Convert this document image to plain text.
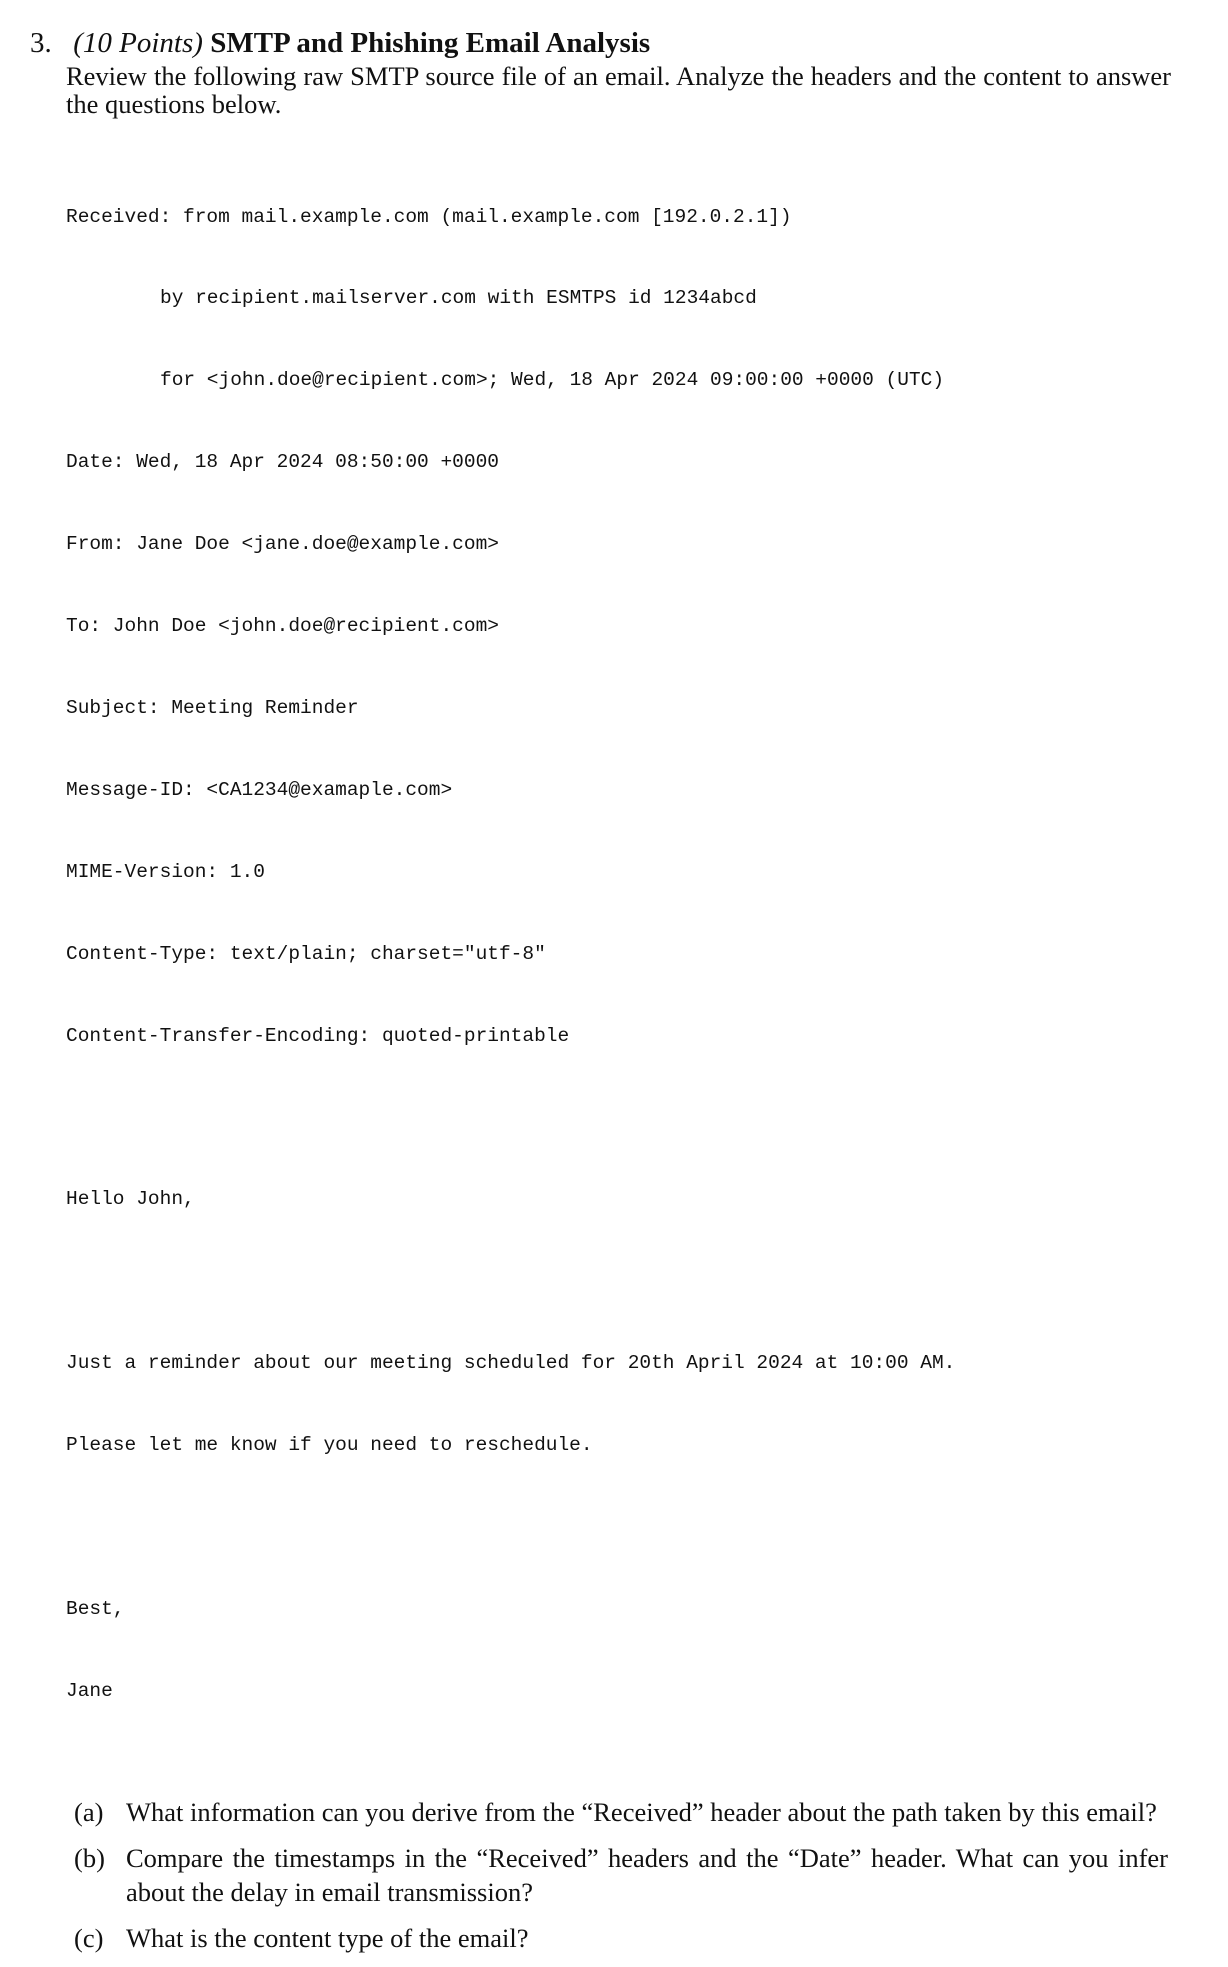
3. (10 Points) SMTP and Phishing Email Analysis
Review the following raw SMTP source file of an email. Analyze the headers and the content to answer the questions below.

Received: from mail.example.com (mail.example.com [192.0.2.1])

by recipient.mailserver.com with ESMTPS id 1234abcd

for <john.doe@recipient.com>; Wed, 18 Apr 2024 09:00:00 +0000 (UTC)

Date: Wed, 18 Apr 2024 08:50:00 +0000

From: Jane Doe <jane.doe@example.com>

To: John Doe <john.doe@recipient.com>

Subject: Meeting Reminder

Message-ID: <CA1234@examaple.com>

MIME-Version: 1.0

Content-Type: text/plain; charset="utf-8"

Content-Transfer-Encoding: quoted-printable

Hello John,

Just a reminder about our meeting scheduled for 20th April 2024 at 10:00 AM.

Please let me know if you need to reschedule.

Best,

Jane

(a) What information can you derive from the “Received” header about the path taken by this email?
(b) Compare the timestamps in the “Received” headers and the “Date” header. What can you infer about the delay in email transmission?
(c) What is the content type of the email?
